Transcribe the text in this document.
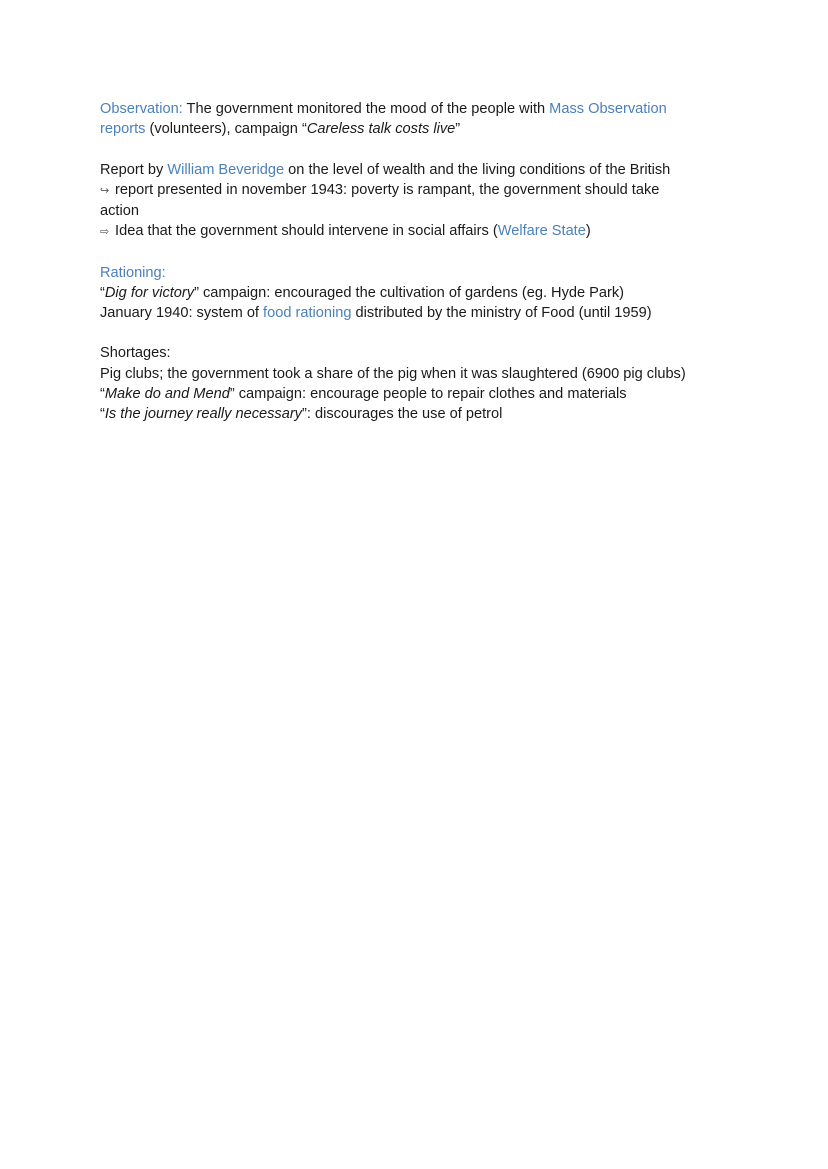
Observation: The government monitored the mood of the people with Mass Observation
reports (volunteers), campaign “Careless talk costs live”
Report by William Beveridge on the level of wealth and the living conditions of the British
↪ report presented in november 1943: poverty is rampant, the government should take
action
⇨ Idea that the government should intervene in social affairs (Welfare State)
Rationing:
“Dig for victory” campaign: encouraged the cultivation of gardens (eg. Hyde Park)
January 1940: system of food rationing distributed by the ministry of Food (until 1959)
Shortages:
Pig clubs; the government took a share of the pig when it was slaughtered (6900 pig clubs)
“Make do and Mend” campaign: encourage people to repair clothes and materials
“Is the journey really necessary”: discourages the use of petrol
